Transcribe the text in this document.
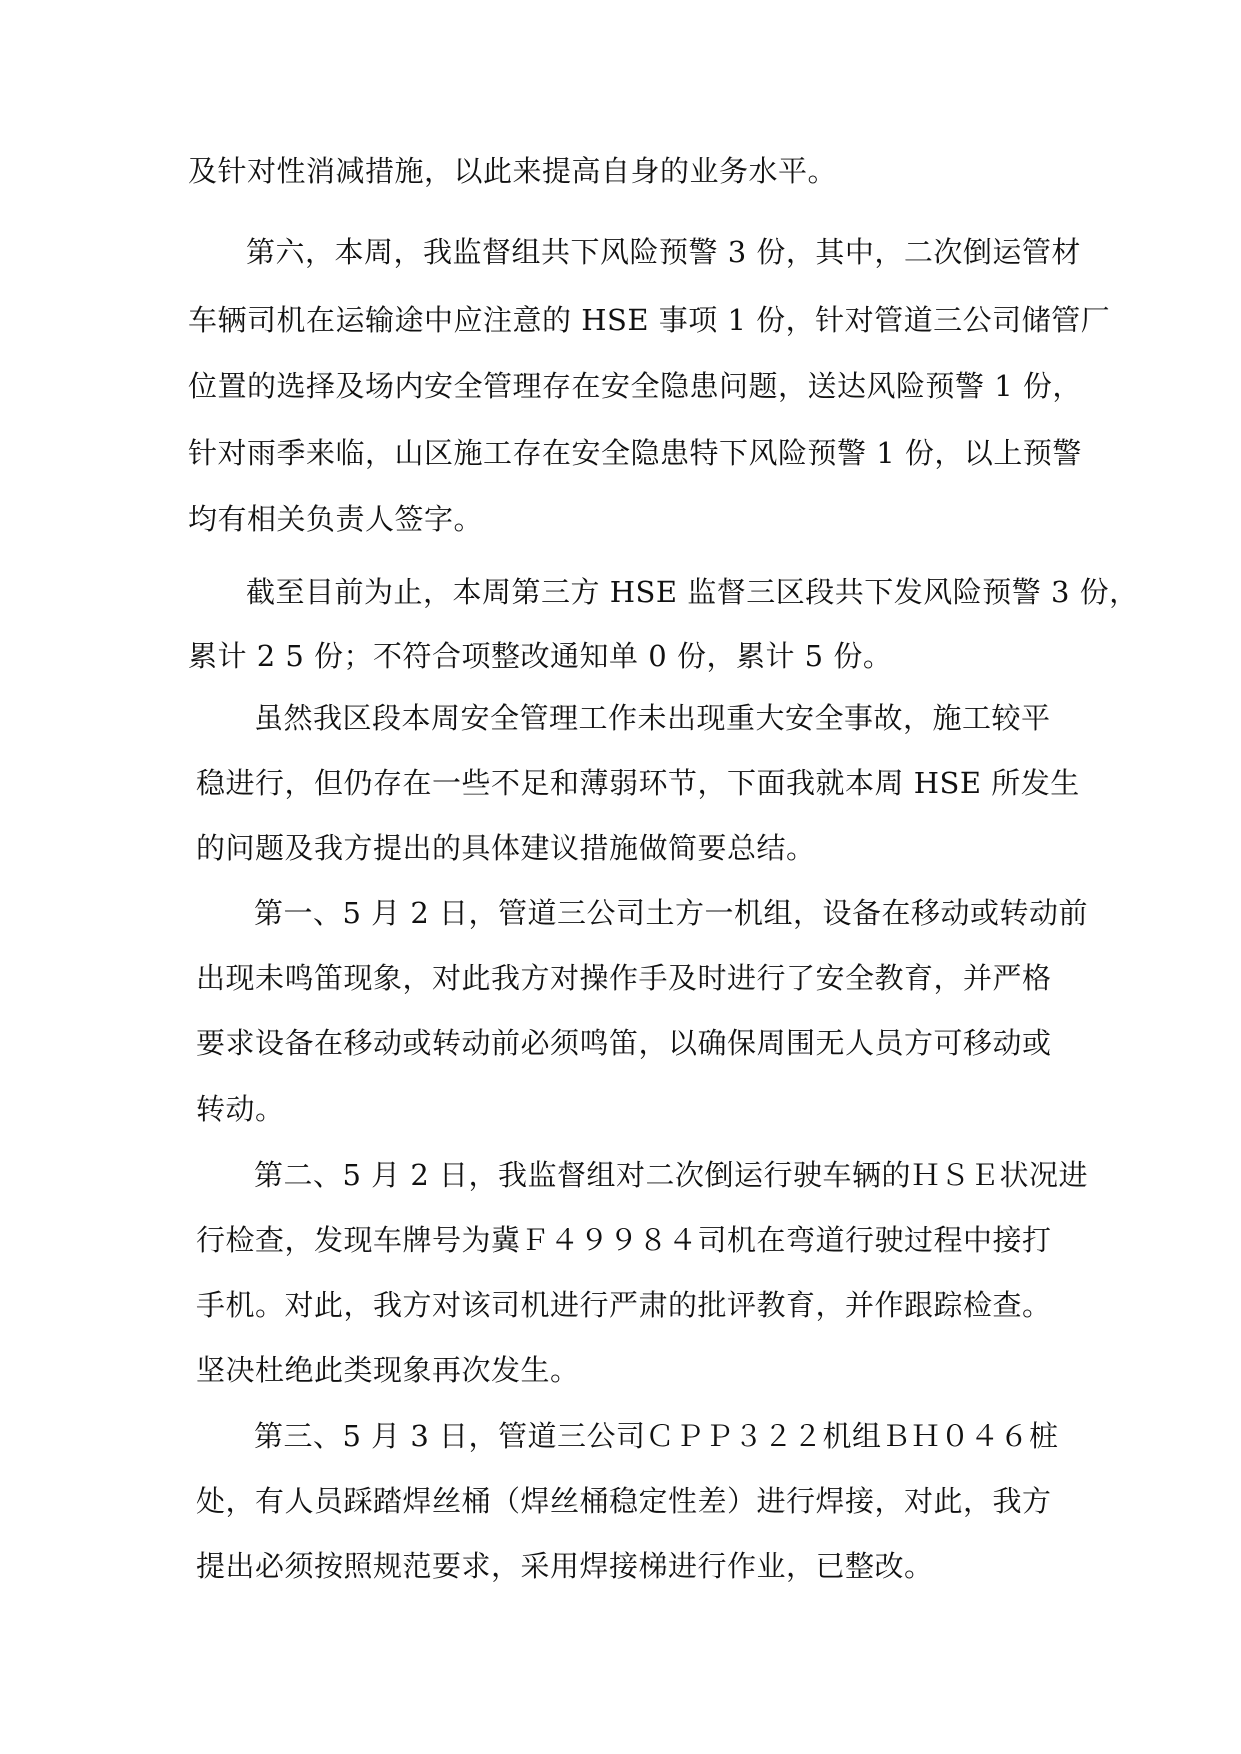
及针对性消减措施，以此来提高自身的业务水平。
第六，本周，我监督组共下风险预警 3 份，其中，二次倒运管材
车辆司机在运输途中应注意的 HSE 事项 1 份，针对管道三公司储管厂
位置的选择及场内安全管理存在安全隐患问题，送达风险预警 1 份，
针对雨季来临，山区施工存在安全隐患特下风险预警 1 份，以上预警
均有相关负责人签字。
截至目前为止，本周第三方 HSE 监督三区段共下发风险预警 3 份，
累计 2 5 份；不符合项整改通知单 0 份，累计 5 份。
虽然我区段本周安全管理工作未出现重大安全事故，施工较平
稳进行，但仍存在一些不足和薄弱环节，下面我就本周 HSE 所发生
的问题及我方提出的具体建议措施做简要总结。
第一、5 月 2 日，管道三公司土方一机组，设备在移动或转动前
出现未鸣笛现象，对此我方对操作手及时进行了安全教育，并严格
要求设备在移动或转动前必须鸣笛，以确保周围无人员方可移动或
转动。
第二、5 月 2 日，我监督组对二次倒运行驶车辆的ＨＳＥ状况进
行检查，发现车牌号为冀Ｆ４９９８４司机在弯道行驶过程中接打
手机。对此，我方对该司机进行严肃的批评教育，并作跟踪检查。
坚决杜绝此类现象再次发生。
第三、5 月 3 日，管道三公司ＣＰＰ３２２机组ＢＨ０４６桩
处，有人员踩踏焊丝桶（焊丝桶稳定性差）进行焊接，对此，我方
提出必须按照规范要求，采用焊接梯进行作业，已整改。
